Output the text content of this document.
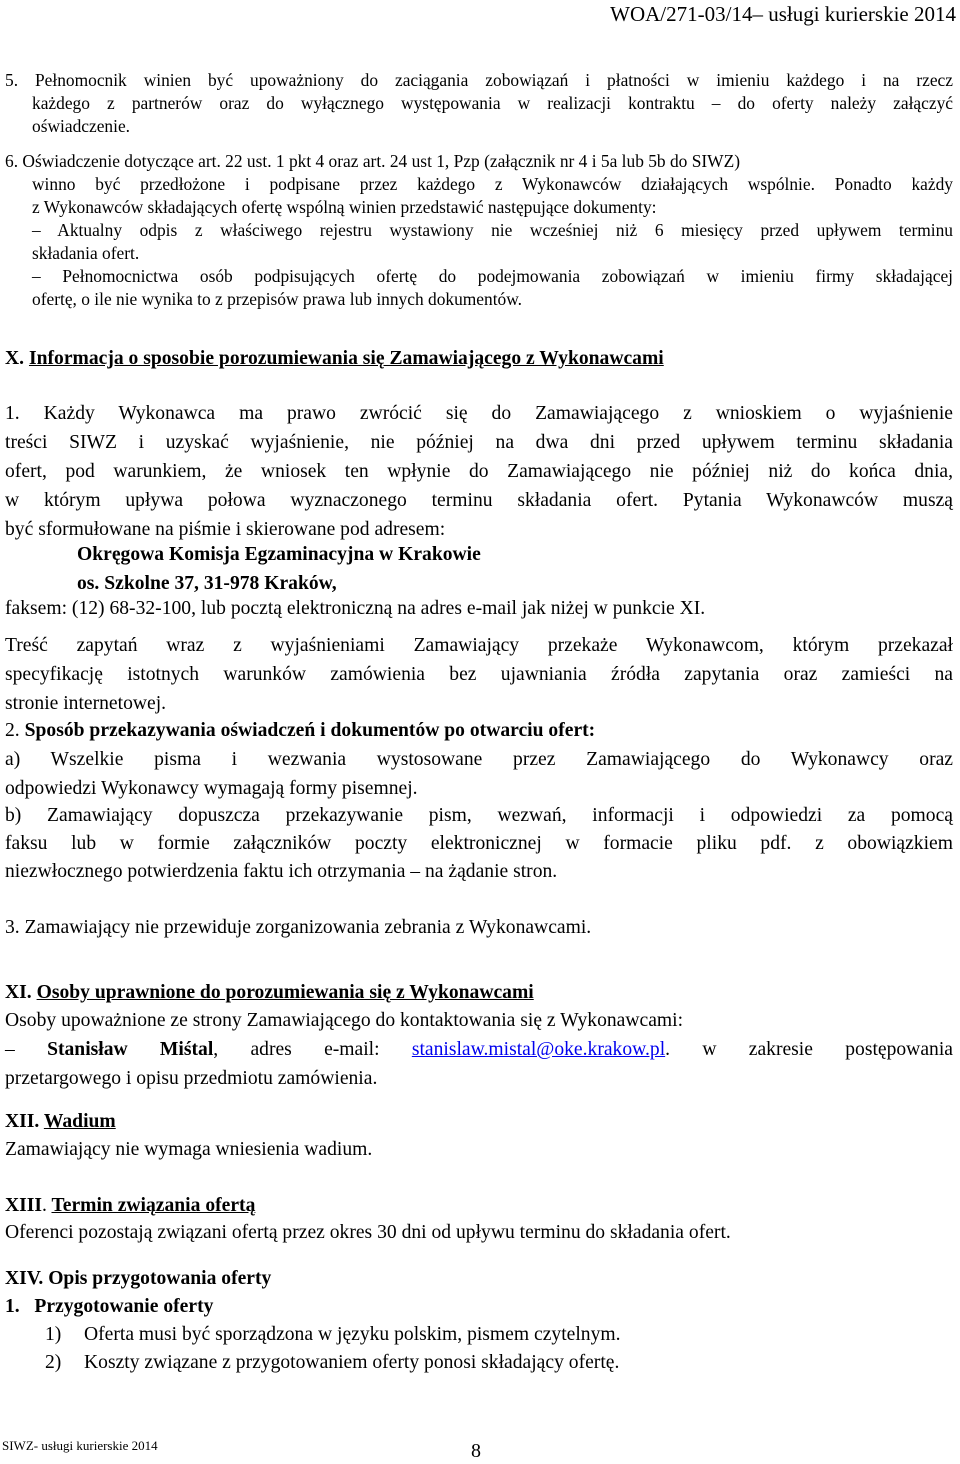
WOA/271-03/14– usługi kurierskie 2014

5. Pełnomocnik winien być upoważniony do zaciągania zobowiązań i płatności w imieniu każdego i na rzecz

każdego z partnerów oraz do wyłącznego występowania w realizacji kontraktu – do oferty należy załączyć

oświadczenie.

6. Oświadczenie dotyczące art. 22 ust. 1 pkt 4 oraz art. 24 ust 1, Pzp (załącznik nr 4 i 5a lub 5b do SIWZ)

winno być przedłożone i podpisane przez każdego z Wykonawców działających wspólnie. Ponadto każdy

z Wykonawców składających ofertę wspólną winien przedstawić następujące dokumenty:

– Aktualny odpis z właściwego rejestru wystawiony nie wcześniej niż 6 miesięcy przed upływem terminu

składania ofert.

– Pełnomocnictwa osób podpisujących ofertę do podejmowania zobowiązań w imieniu firmy składającej

ofertę, o ile nie wynika to z przepisów prawa lub innych dokumentów.

X. Informacja o sposobie porozumiewania się Zamawiającego z Wykonawcami

1. Każdy Wykonawca ma prawo zwrócić się do Zamawiającego z wnioskiem o wyjaśnienie

treści SIWZ i uzyskać wyjaśnienie, nie później na dwa dni przed upływem terminu składania

ofert, pod warunkiem, że wniosek ten wpłynie do Zamawiającego nie później niż do końca dnia,

w którym upływa połowa wyznaczonego terminu składania ofert. Pytania Wykonawców muszą

być sformułowane na piśmie i skierowane pod adresem:

Okręgowa Komisja Egzaminacyjna w Krakowie

os. Szkolne 37, 31-978 Kraków,

faksem: (12) 68-32-100, lub pocztą elektroniczną na adres e-mail jak niżej w punkcie XI.

Treść zapytań wraz z wyjaśnieniami Zamawiający przekaże Wykonawcom, którym przekazał

specyfikację istotnych warunków zamówienia bez ujawniania źródła zapytania oraz zamieści na

stronie internetowej.

2. Sposób przekazywania oświadczeń i dokumentów po otwarciu ofert:

a) Wszelkie pisma i wezwania wystosowane przez Zamawiającego do Wykonawcy oraz

odpowiedzi Wykonawcy wymagają formy pisemnej.

b) Zamawiający dopuszcza przekazywanie pism, wezwań, informacji i odpowiedzi za pomocą

faksu lub w formie załączników poczty elektronicznej w formacie pliku pdf. z obowiązkiem

niezwłocznego potwierdzenia faktu ich otrzymania – na żądanie stron.

3. Zamawiający nie przewiduje zorganizowania zebrania z Wykonawcami.

XI. Osoby uprawnione do porozumiewania się z Wykonawcami

Osoby upoważnione ze strony Zamawiającego do kontaktowania się z Wykonawcami:

– Stanisław Miśtal, adres e-mail: stanislaw.mistal@oke.krakow.pl. w zakresie postępowania

przetargowego i opisu przedmiotu zamówienia.

XII. Wadium

Zamawiający nie wymaga wniesienia wadium.

XIII. Termin związania ofertą

Oferenci pozostają związani ofertą przez okres 30 dni od upływu terminu do składania ofert.

XIV. Opis przygotowania oferty

1.   Przygotowanie oferty

1) Oferta musi być sporządzona w języku polskim, pismem czytelnym.

2) Koszty związane z przygotowaniem oferty ponosi składający ofertę.

SIWZ- usługi kurierskie 2014	8
